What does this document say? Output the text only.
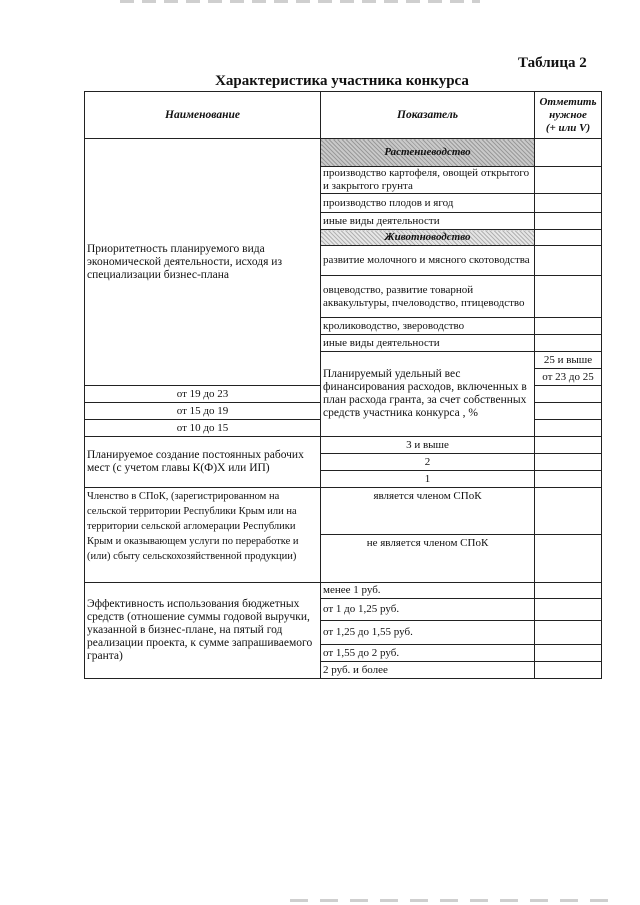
Таблица 2
Характеристика участника конкурса
Наименование	Показатель	Отметить
нужное
(+ или V)	
Приоритетность планируемого вида экономической деятельности, исходя из специализации бизнес-плана	Растениеводство		
	производство картофеля, овощей открытого и закрытого грунта		
	производство плодов и ягод		
	иные виды деятельности		
	Животноводство		
	развитие молочного и мясного скотоводства		
	овцеводство, развитие товарной аквакультуры, пчеловодство, птицеводство		
	кролиководство, звероводство		
	иные виды деятельности		
	Планируемый удельный вес финансирования расходов, включенных в план расхода гранта, за счет собственных средств участника конкурса , %	25 и выше	
		от 23 до 25	
от 19 до 23			
от 15 до 19			
от 10 до 15			
Планируемое создание постоянных рабочих мест (с учетом главы К(Ф)Х или ИП)	3 и выше		
	2		
	1		
Членство в СПоК, (зарегистрированном на сельской территории Республики Крым или на территории сельской агломерации Республики Крым и оказывающем услуги по переработке и (или) сбыту сельскохозяйственной продукции)	является членом СПоК		
	не является членом СПоК		
Эффективность использования бюджетных средств (отношение суммы годовой выручки, указанной в бизнес-плане, на пятый год реализации проекта, к сумме запрашиваемого гранта)	менее 1 руб.		
	от 1 до 1,25 руб.		
	от 1,25 до 1,55 руб.		
	от 1,55 до 2 руб.		
	2 руб. и более		
